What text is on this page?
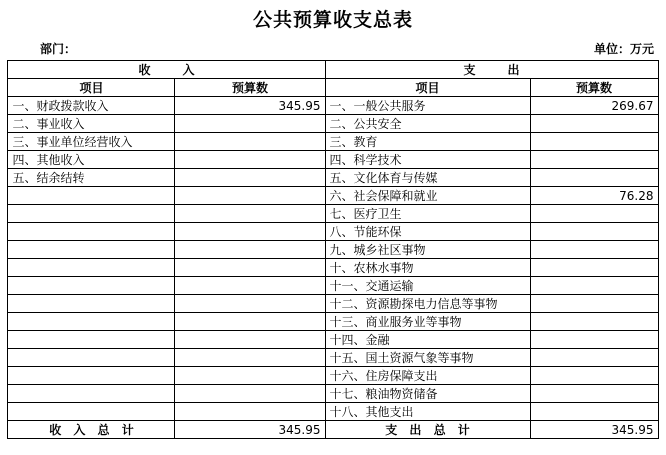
公共预算收支总表
部门：	单位：万元
收　入		支　出	
项目	预算数	项目	预算数
一、财政拨款收入	345.95	一、一般公共服务	269.67
二、事业收入		二、公共安全	
三、事业单位经营收入		三、教育	
四、其他收入		四、科学技术	
五、结余结转		五、文化体育与传媒	
		六、社会保障和就业	76.28
		七、医疗卫生	
		八、节能环保	
		九、城乡社区事物	
		十、农林水事物	
		十一、交通运输	
		十二、资源勘探电力信息等事物	
		十三、商业服务业等事物	
		十四、金融	
		十五、国土资源气象等事物	
		十六、住房保障支出	
		十七、粮油物资储备	
		十八、其他支出	
收 入 总 计	345.95	支 出 总 计	345.95
